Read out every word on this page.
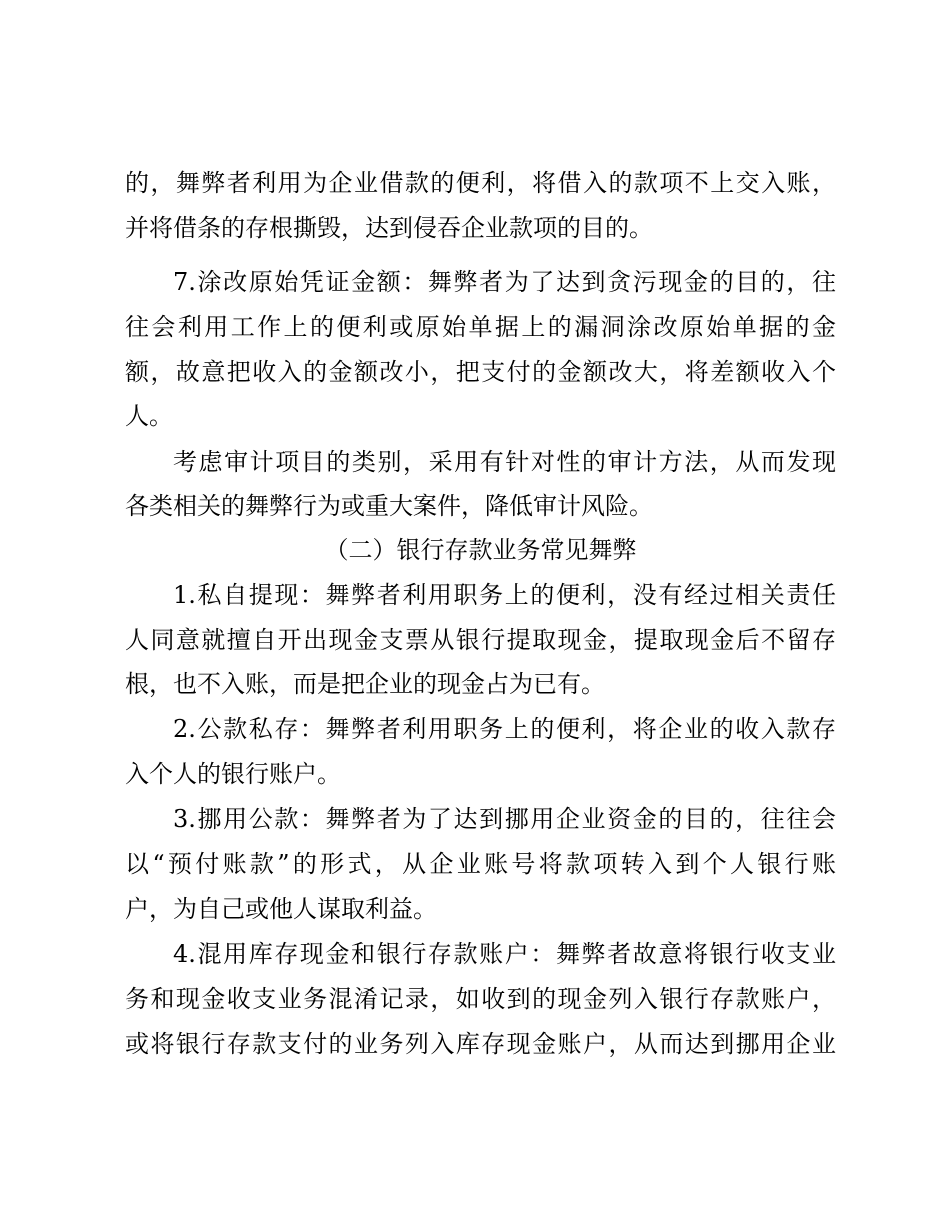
的，舞弊者利用为企业借款的便利，将借入的款项不上交入账，
并将借条的存根撕毁，达到侵吞企业款项的目的。
7.涂改原始凭证金额：舞弊者为了达到贪污现金的目的，往
往会利用工作上的便利或原始单据上的漏洞涂改原始单据的金
额，故意把收入的金额改小，把支付的金额改大，将差额收入个
人。
考虑审计项目的类别，采用有针对性的审计方法，从而发现
各类相关的舞弊行为或重大案件，降低审计风险。
（二）银行存款业务常见舞弊
1.私自提现：舞弊者利用职务上的便利，没有经过相关责任
人同意就擅自开出现金支票从银行提取现金，提取现金后不留存
根，也不入账，而是把企业的现金占为已有。
2.公款私存：舞弊者利用职务上的便利，将企业的收入款存
入个人的银行账户。
3.挪用公款：舞弊者为了达到挪用企业资金的目的，往往会
以“预付账款”的形式，从企业账号将款项转入到个人银行账
户，为自己或他人谋取利益。
4.混用库存现金和银行存款账户：舞弊者故意将银行收支业
务和现金收支业务混淆记录，如收到的现金列入银行存款账户，
或将银行存款支付的业务列入库存现金账户，从而达到挪用企业
